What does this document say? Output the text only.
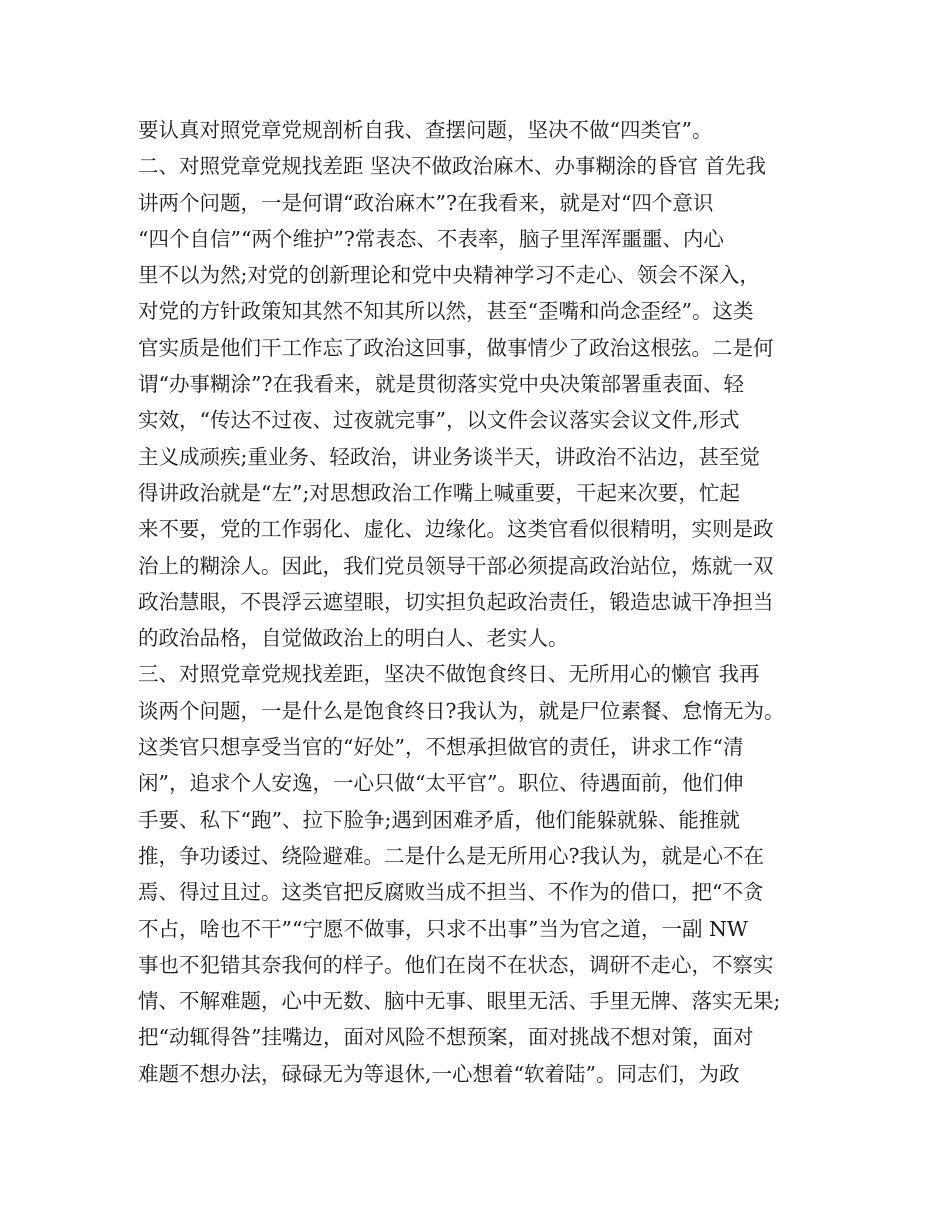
要认真对照党章党规剖析自我、查摆问题，坚决不做“四类官”。
二、对照党章党规找差距 坚决不做政治麻木、办事糊涂的昏官 首先我
讲两个问题，一是何谓“政治麻木”?在我看来，就是对“四个意识
“四个自信”“两个维护”?常表态、不表率，脑子里浑浑噩噩、内心
里不以为然;对党的创新理论和党中央精神学习不走心、领会不深入，
对党的方针政策知其然不知其所以然，甚至“歪嘴和尚念歪经”。这类
官实质是他们干工作忘了政治这回事，做事情少了政治这根弦。二是何
谓“办事糊涂”?在我看来，就是贯彻落实党中央决策部署重表面、轻
实效，“传达不过夜、过夜就完事”，以文件会议落实会议文件,形式
主义成顽疾;重业务、轻政治，讲业务谈半天，讲政治不沾边，甚至觉
得讲政治就是“左”;对思想政治工作嘴上喊重要，干起来次要，忙起
来不要，党的工作弱化、虚化、边缘化。这类官看似很精明，实则是政
治上的糊涂人。因此，我们党员领导干部必须提高政治站位，炼就一双
政治慧眼，不畏浮云遮望眼，切实担负起政治责任，锻造忠诚干净担当
的政治品格，自觉做政治上的明白人、老实人。
三、对照党章党规找差距，坚决不做饱食终日、无所用心的懒官 我再
谈两个问题，一是什么是饱食终日?我认为，就是尸位素餐、怠惰无为。
这类官只想享受当官的“好处”，不想承担做官的责任，讲求工作“清
闲”，追求个人安逸，一心只做“太平官”。职位、待遇面前，他们伸
手要、私下“跑”、拉下脸争;遇到困难矛盾，他们能躲就躲、能推就
推，争功诿过、绕险避难。二是什么是无所用心?我认为，就是心不在
焉、得过且过。这类官把反腐败当成不担当、不作为的借口，把“不贪
不占，啥也不干”“宁愿不做事，只求不出事”当为官之道，一副 NW
事也不犯错其奈我何的样子。他们在岗不在状态，调研不走心，不察实
情、不解难题，心中无数、脑中无事、眼里无活、手里无牌、落实无果;
把“动辄得咎”挂嘴边，面对风险不想预案，面对挑战不想对策，面对
难题不想办法，碌碌无为等退休,一心想着“软着陆”。同志们，为政
